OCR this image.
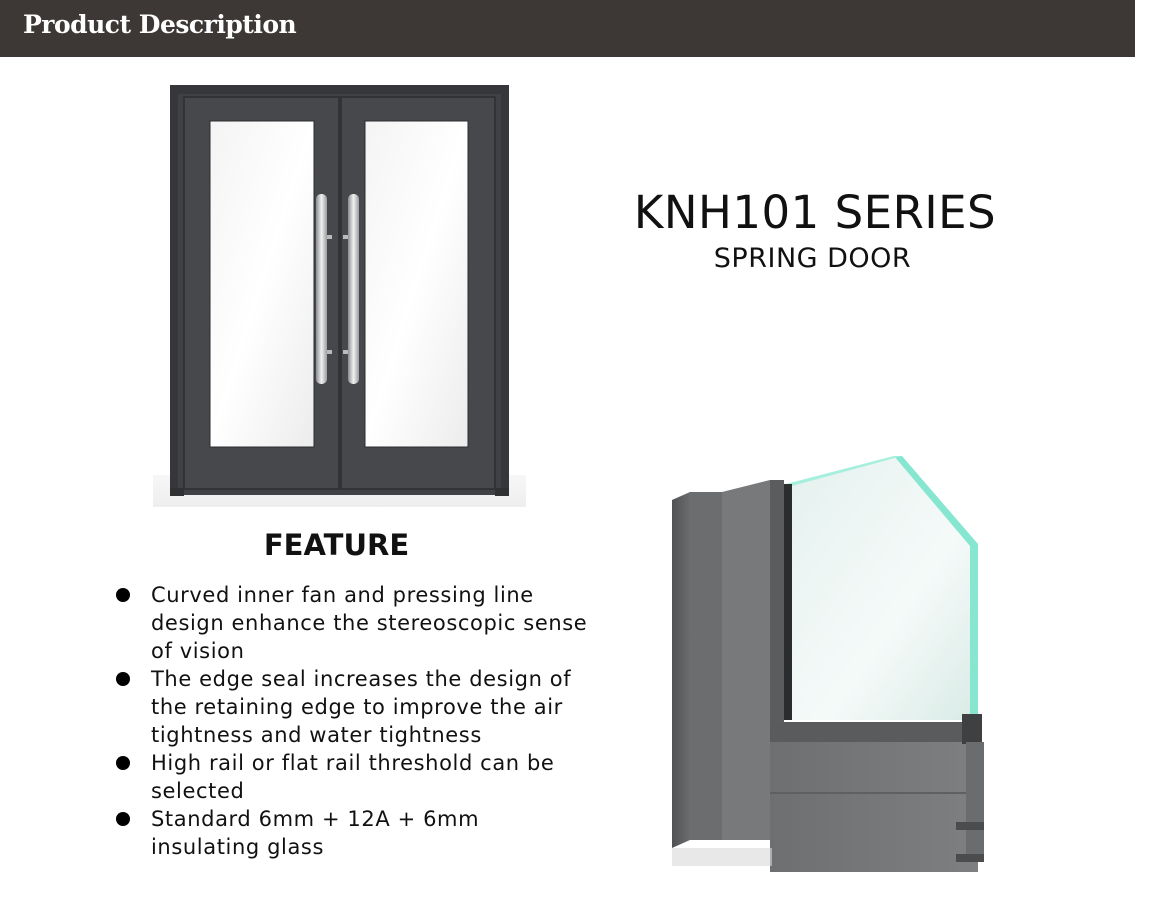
Product Description
KNH101 SERIES
SPRING DOOR
FEATURE
Curved inner fan and pressing line design enhance the stereoscopic sense of vision
The edge seal increases the design of the retaining edge to improve the air tightness and water tightness
High rail or flat rail threshold can be selected
Standard 6mm + 12A + 6mm insulating glass
